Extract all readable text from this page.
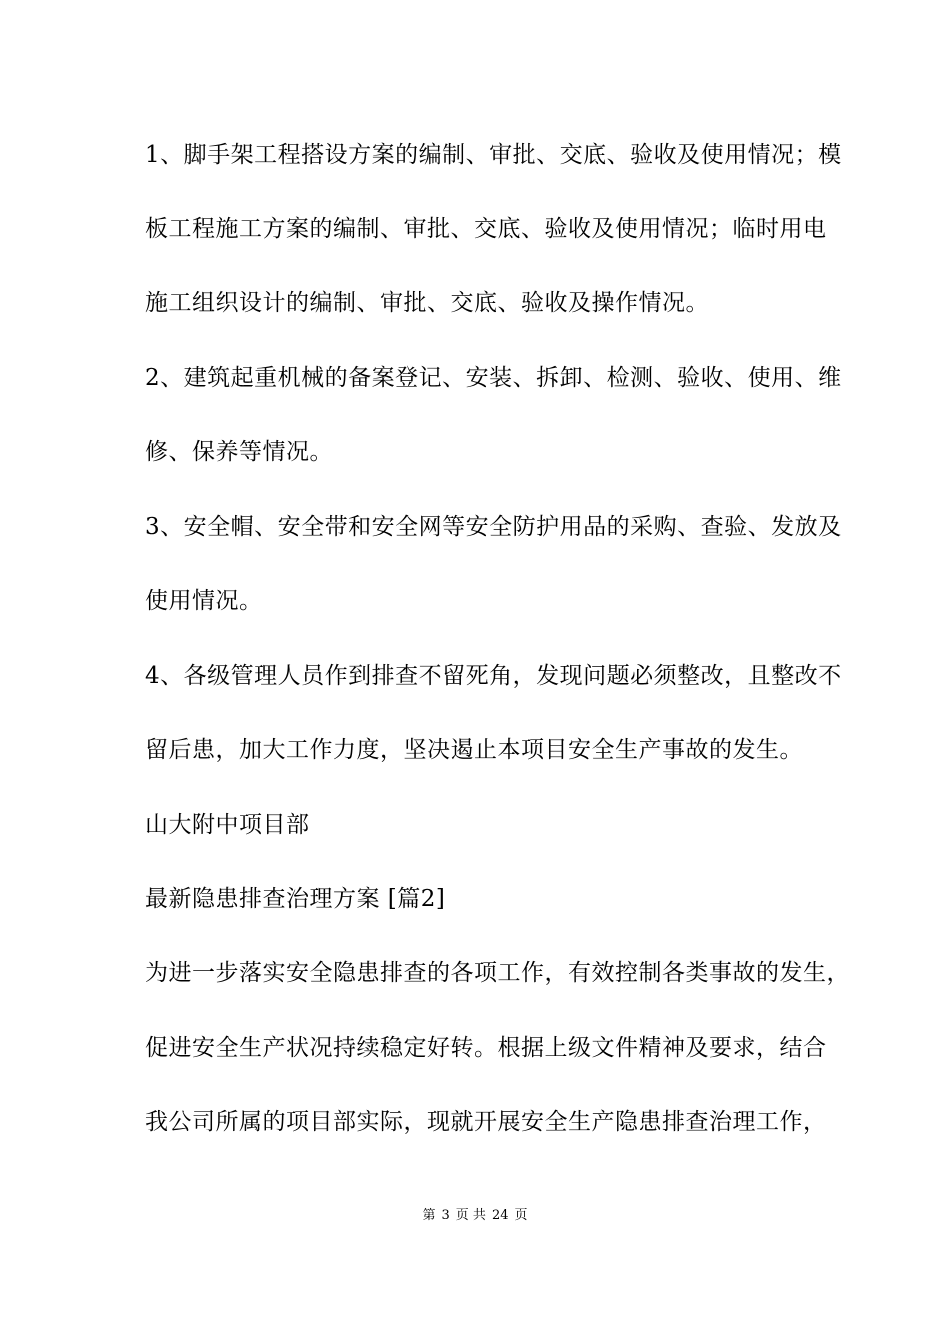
1、脚手架工程搭设方案的编制、审批、交底、验收及使用情况；模
板工程施工方案的编制、审批、交底、验收及使用情况；临时用电
施工组织设计的编制、审批、交底、验收及操作情况。
2、建筑起重机械的备案登记、安装、拆卸、检测、验收、使用、维
修、保养等情况。
3、安全帽、安全带和安全网等安全防护用品的采购、查验、发放及
使用情况。
4、各级管理人员作到排查不留死角，发现问题必须整改，且整改不
留后患，加大工作力度，坚决遏止本项目安全生产事故的发生。
山大附中项目部
最新隐患排查治理方案 [篇2]
为进一步落实安全隐患排查的各项工作，有效控制各类事故的发生，
促进安全生产状况持续稳定好转。根据上级文件精神及要求，结合
我公司所属的项目部实际，现就开展安全生产隐患排查治理工作，
第 3 页 共 24 页
